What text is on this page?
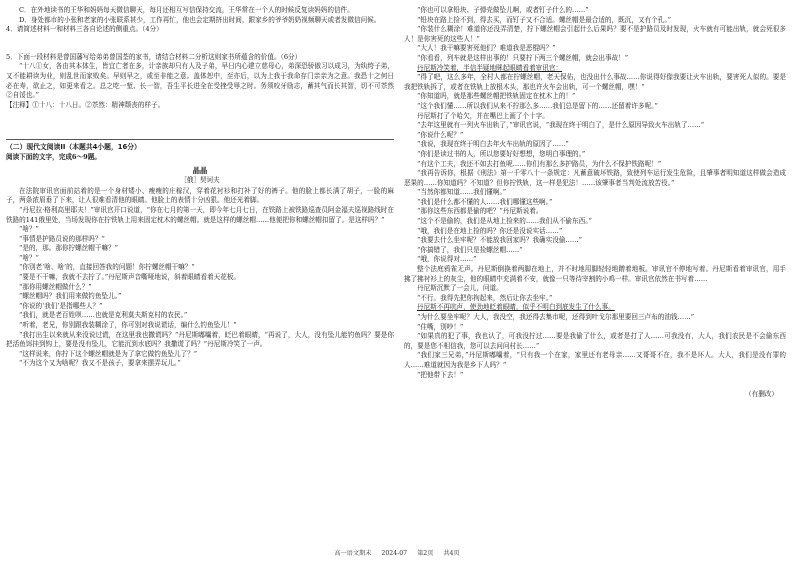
C．在外地读书的王华和妈妈每天微信聊天，每月还相互写信保持交流，王华常在一个人的时候反复读妈妈的信件。

D．身处都市的小张和老家的小张联系甚少，工作再忙，他也会定期挤出时间，跟家乡的爷爷奶奶视频聊天或者发微信问候。

4．请简述材料一和材料三各自论述的侧重点。（4分）

5．下面一段材料是曾国藩写给弟弟曾国荃的家书，请结合材料二分析这则家书所蕴含的价值。（6分）

“十八①女，各由其本体生，皆宜亡者在多，计亲族却只有人及子弟，早日内心建立慈母心，弟深恐骄傲习以成习，为纨绔子弟，又不能耕读为业，则乱世而家败矣。早则早之，或至非能之意。盖体恕中，至亦后，以为上我于我命存门亲亲为之意。我恐十之何日必在寿，欲止之，如更来看之。总之吃一堑、长一智，吾生平长进全在受挫受辱之时。务须咬牙励志，蓄其气而长其智，切不可苶然②自馁也。”

【注释】①十八：十八日。②苶然：精神颓丧的样子。

（二）现代文阅读II（本题共4小题，16分）

阅读下面的文字，完成6～9题。

晶晶

［俄］契诃夫

在法院审讯官面前站着的是一个身材矮小、瘦瘦的庄稼汉，穿着花衬衫和打补了好的裤子。他的脸上都长满了胡子，一脸的麻子，两条浓眉垂了下来，让人很难看清他的眼睛。他脸上的表情十分凶狠。他还光着脚。

“丹尼拉·格利高里耶夫！”审讯官开口说道，“你在七月的第一天，即今年七月七日，在铁路上被铁路巡查员阿金福夫巡视路线时在铁路的141俄里处，当场发现你在拧铁轨上用来固定枕木的螺丝帽。就是这样的螺丝帽……他便把你和螺丝帽扣留了。是这样吗？”

“啥？”

“事情是护路员说的那样吗？”

“是的，那。那你拧螺丝帽干嘛？”

“啥？”

“你别老‘啥、啥’的，直接回答我的问题！你拧螺丝帽干嘛？”

“要是不干嘛，我就不去拧了。”丹尼斯声音嘶哑地说，斜着眼睛看着天花板。

“那你用螺丝帽做什么？”

“螺丝帽吗？我们用来做钓鱼坠儿。”

“你说的‘我们’是指哪些人？”

“我们，就是老百姓呗……也就是克利莫夫斯克村的农民。”

“听着，老兄，你别跟我装糊涂了，你可别对我说谎话，编什么钓鱼坠儿！”

“我打出生以来就从来没说过谎，在这里我也撒谎吗？”丹尼斯嘟囔着，眨巴着眼睛，“再说了，大人，没有坠儿能钓鱼吗？要是你把活鱼饵挂到钩上，要是没有坠儿，它能沉到水底吗？我撒谎了吗？”丹尼斯冷笑了一声。

“这样说来，你拧下这个螺丝帽就是为了拿它做钓鱼坠儿了？”

“不为这个又为啥呢？我又不是孩子，要拿来摆弄玩儿。”

“你也可以拿铅块、子弹壳做坠儿啊，或者钉子什么的……”

“铅块在路上捡不到，得去买，而钉子又不合适。螺丝帽是最合适的，既沉，又有个孔。”

“你装什么糊涂！难道你还没弄清楚，拧下螺丝帽会引起什么后果吗？要不是护路员及时发现，火车就有可能出轨，就会死很多人！是你害死的这些人！”

“大人！我干嘛要害死他们？难道我是恶棍吗？”

“你看看，列车就是这样出事的！只要拧下两三个螺丝帽，就会出事故！”

丹尼斯冷笑着，半信半疑地眯起眼睛看着审讯官：

“得了吧，这么多年，全村人都在拧螺丝帽，老天保佑，也没出什么事故……你说得好像我要让火车出轨，要害死人似的。要是我把铁轨拆了，或者在铁轨上放根木头，那也许火车会出轨，可一个螺丝帽，嘿！”

“你知道吗，就是那些螺丝帽把铁轨固定在枕木上的！”

“这个我们懂……所以我们从来不拧那么多……我们总是留下的……还留着许多呢。”

丹尼斯打了个哈欠，并在嘴巴上画了个十字。

“去年这里就有一列火车出轨了，”审讯官说，“我现在终于明白了，是什么原因导致火车出轨了……”

“你说什么呢？”

“我说，我现在终于明白去年火车出轨的原因了……”

“你们是读过书的人，所以您要好好想想，您明白事理的。”

“有这个工夫，我还不如去打鱼呢……你们有那么多护路员，为什么不保护铁路呢！”

“我再告诉你，根据《刑法》第一千零八十一条规定：凡蓄意破坏铁路，致使列车运行发生危险，且肇事者明知道这样做会造成恶果的……你知道吗？不知道？但你拧铁轨，这一样是犯法！……该肇事者当判处流放苦役。”

“当然你都知道……我们懂啊。”

“我们是什么都不懂的人……我们哪懂这些啊。”

“那你这些东西都是偷的吧？”丹尼斯说着。

“这个不是偷的，我们是从地上捡来的……我们从不偷东西。”

“哦，我们是在地上捡的吗？你还是没说实话……”

“我要去什么坐牢呢？不能放我回家吗？我确实没偷……”

“你搞错了，我们只是捡螺丝帽……”

“哦，你说得对……”

整个法庭鸦雀无声。丹尼斯倒换着两脚在地上，并不时地用脚轻轻地蹭着地板。审讯官不停地写着。丹尼斯看着审讯官，用手拂了拂衬衫上的灰尘，他的眼睛中充满着不安，就像一只等待宰割的小鸡一样。审讯官依然在书写着……

丹尼斯沉默了一会儿，问道。

“不行。我得先把你拘起来，然后让你去坐牢。”

丹尼斯不再吭声，使劲地眨着眼睛，似乎不明白到底发生了什么事。

“为什么要坐牢呢？大人，我没空，我还得去集市呢，还得到叶戈尔那里要回三卢布的油钱……”

“住嘴，别吵！”

“如果真的犯了事，我也认了，可我没拧过……要是我偷了什么，或者是打了人……可我没有，大人，我们农民是不会偷东西的，要是您不相信我，您可以去问问村长……”

“我们家三兄弟，”丹尼斯嘟囔着，“只有我一个在家，家里还有老母亲……又哥哥不在，我不是坏人。大人，我们是没有罪的人……难道就因为我是乡下人吗？”

“把他带下去！”

（有删改）

高一语文期末 2024-07 第2页 共4页
